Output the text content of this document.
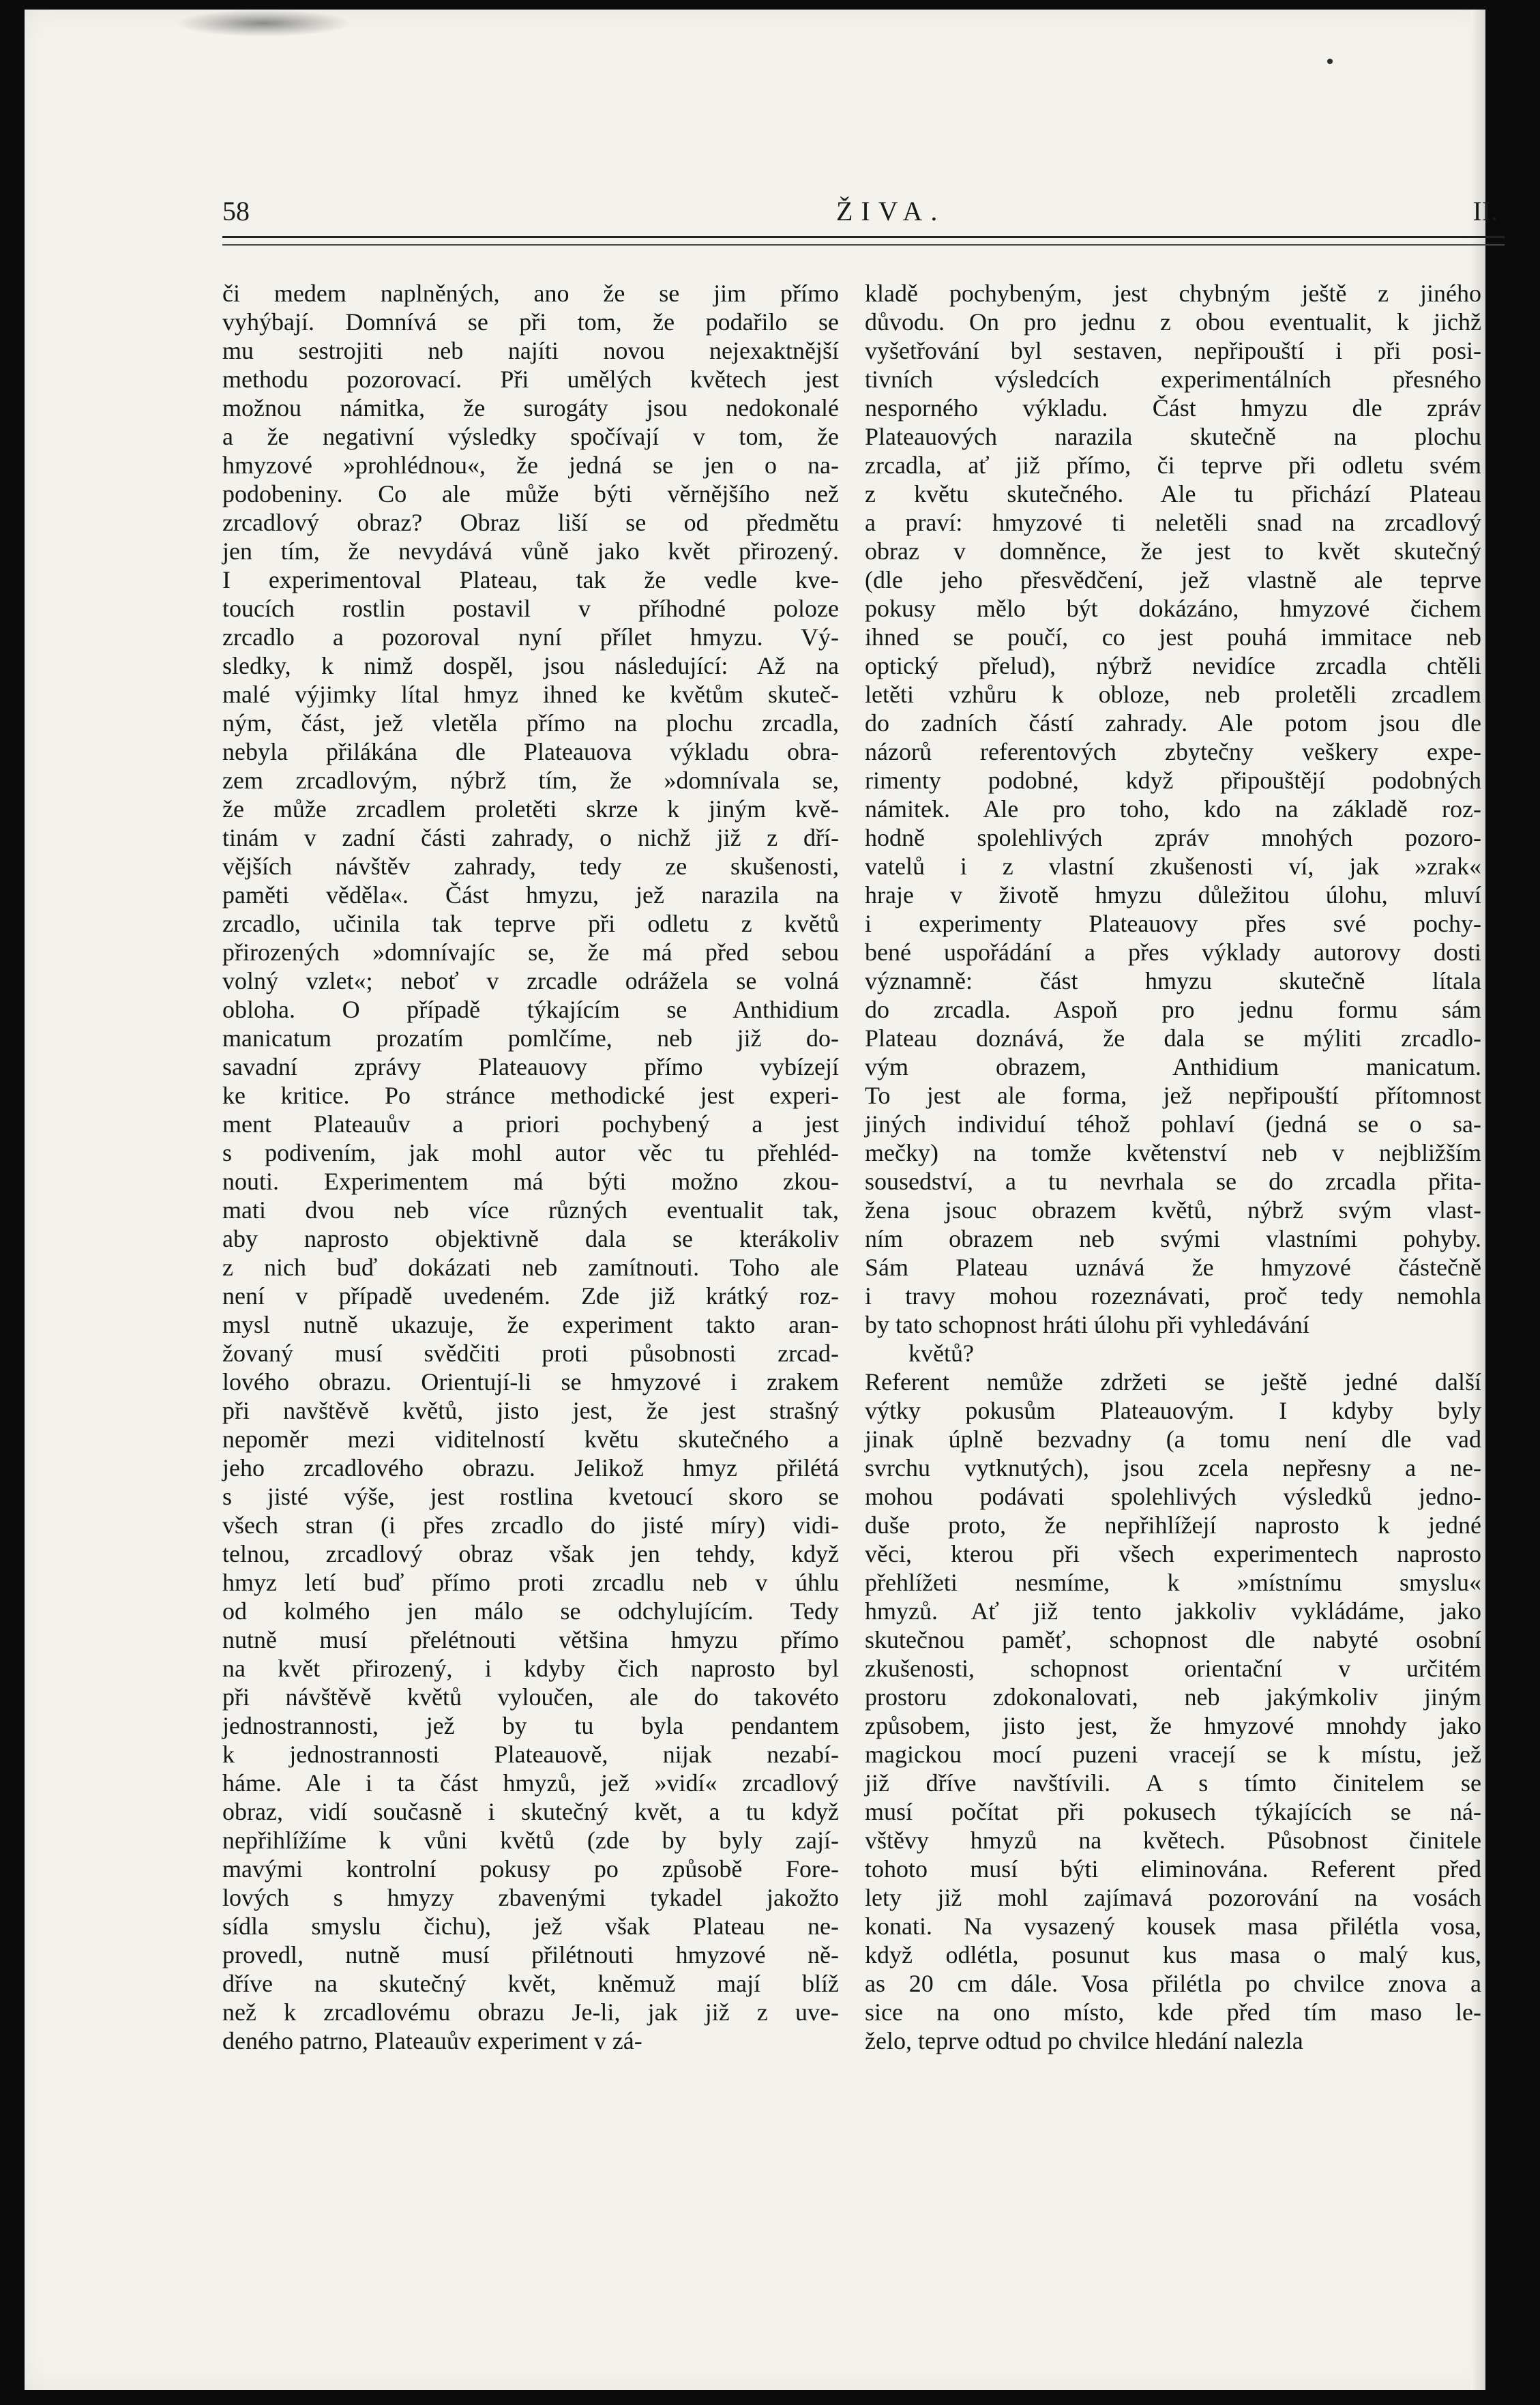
58	ŽIVA.	II.
či medem naplněných, ano že se jim přímo
vyhýbají. Domnívá se při tom, že podařilo se
mu sestrojiti neb najíti novou nejexaktnější
methodu pozorovací. Při umělých květech jest
možnou námitka, že surogáty jsou nedokonalé
a že negativní výsledky spočívají v tom, že
hmyzové »prohlédnou«, že jedná se jen o na-
podobeniny. Co ale může býti věrnějšího než
zrcadlový obraz? Obraz liší se od předmětu
jen tím, že nevydává vůně jako květ přirozený.
I experimentoval Plateau, tak že vedle kve-
toucích rostlin postavil v příhodné poloze
zrcadlo a pozoroval nyní přílet hmyzu. Vý-
sledky, k nimž dospěl, jsou následující: Až na
malé výjimky lítal hmyz ihned ke květům skuteč-
ným, část, jež vletěla přímo na plochu zrcadla,
nebyla přilákána dle Plateauova výkladu obra-
zem zrcadlovým, nýbrž tím, že »domnívala se,
že může zrcadlem proletěti skrze k jiným kvě-
tinám v zadní části zahrady, o nichž již z dří-
vějších návštěv zahrady, tedy ze skušenosti,
paměti věděla«. Část hmyzu, jež narazila na
zrcadlo, učinila tak teprve při odletu z květů
přirozených »domnívajíc se, že má před sebou
volný vzlet«; neboť v zrcadle odrážela se volná
obloha. O případě týkajícím se Anthidium
manicatum prozatím pomlčíme, neb již do-
savadní zprávy Plateauovy přímo vybízejí
ke kritice. Po stránce methodické jest experi-
ment Plateauův a priori pochybený a jest
s podivením, jak mohl autor věc tu přehléd-
nouti. Experimentem má býti možno zkou-
mati dvou neb více různých eventualit tak,
aby naprosto objektivně dala se kterákoliv
z nich buď dokázati neb zamítnouti. Toho ale
není v případě uvedeném. Zde již krátký roz-
mysl nutně ukazuje, že experiment takto aran-
žovaný musí svědčiti proti působnosti zrcad-
lového obrazu. Orientují-li se hmyzové i zrakem
při navštěvě květů, jisto jest, že jest strašný
nepoměr mezi viditelností květu skutečného a
jeho zrcadlového obrazu. Jelikož hmyz přilétá
s jisté výše, jest rostlina kvetoucí skoro se
všech stran (i přes zrcadlo do jisté míry) vidi-
telnou, zrcadlový obraz však jen tehdy, když
hmyz letí buď přímo proti zrcadlu neb v úhlu
od kolmého jen málo se odchylujícím. Tedy
nutně musí přelétnouti většina hmyzu přímo
na květ přirozený, i kdyby čich naprosto byl
při návštěvě květů vyloučen, ale do takovéto
jednostrannosti, jež by tu byla pendantem
k jednostrannosti Plateauově, nijak nezabí-
háme. Ale i ta část hmyzů, jež »vidí« zrcadlový
obraz, vidí současně i skutečný květ, a tu když
nepřihlížíme k vůni květů (zde by byly zají-
mavými kontrolní pokusy po způsobě Fore-
lových s hmyzy zbavenými tykadel jakožto
sídla smyslu čichu), jež však Plateau ne-
provedl, nutně musí přilétnouti hmyzové ně-
dříve na skutečný květ, kněmuž mají blíž
než k zrcadlovému obrazu Je-li, jak již z uve-
deného patrno, Plateauův experiment v zá-
kladě pochybeným, jest chybným ještě z jiného
důvodu. On pro jednu z obou eventualit, k jichž
vyšetřování byl sestaven, nepřipouští i při posi-
tivních výsledcích experimentálních přesného
nesporného výkladu. Část hmyzu dle zpráv
Plateauových narazila skutečně na plochu
zrcadla, ať již přímo, či teprve při odletu svém
z květu skutečného. Ale tu přichází Plateau
a praví: hmyzové ti neletěli snad na zrcadlový
obraz v domněnce, že jest to květ skutečný
(dle jeho přesvědčení, jež vlastně ale teprve
pokusy mělo být dokázáno, hmyzové čichem
ihned se poučí, co jest pouhá immitace neb
optický přelud), nýbrž nevidíce zrcadla chtěli
letěti vzhůru k obloze, neb proletěli zrcadlem
do zadních částí zahrady. Ale potom jsou dle
názorů referentových zbytečny veškery expe-
rimenty podobné, když připouštějí podobných
námitek. Ale pro toho, kdo na základě roz-
hodně spolehlivých zpráv mnohých pozoro-
vatelů i z vlastní zkušenosti ví, jak »zrak«
hraje v životě hmyzu důležitou úlohu, mluví
i experimenty Plateauovy přes své pochy-
bené uspořádání a přes výklady autorovy dosti
významně: část hmyzu skutečně lítala
do zrcadla. Aspoň pro jednu formu sám
Plateau doznává, že dala se mýliti zrcadlo-
vým obrazem, Anthidium manicatum.
To jest ale forma, jež nepřipouští přítomnost
jiných individuí téhož pohlaví (jedná se o sa-
mečky) na tomže květenství neb v nejbližším
sousedství, a tu nevrhala se do zrcadla přita-
žena jsouc obrazem květů, nýbrž svým vlast-
ním obrazem neb svými vlastními pohyby.
Sám Plateau uznává že hmyzové částečně
i travy mohou rozeznávati, proč tedy nemohla
by tato schopnost hráti úlohu při vyhledávání
květů?
Referent nemůže zdržeti se ještě jedné další
výtky pokusům Plateauovým. I kdyby byly
jinak úplně bezvadny (a tomu není dle vad
svrchu vytknutých), jsou zcela nepřesny a ne-
mohou podávati spolehlivých výsledků jedno-
duše proto, že nepřihlížejí naprosto k jedné
věci, kterou při všech experimentech naprosto
přehlížeti nesmíme, k »místnímu smyslu«
hmyzů. Ať již tento jakkoliv vykládáme, jako
skutečnou paměť, schopnost dle nabyté osobní
zkušenosti, schopnost orientační v určitém
prostoru zdokonalovati, neb jakýmkoliv jiným
způsobem, jisto jest, že hmyzové mnohdy jako
magickou mocí puzeni vracejí se k místu, jež
již dříve navštívili. A s tímto činitelem se
musí počítat při pokusech týkajících se ná-
vštěvy hmyzů na květech. Působnost činitele
tohoto musí býti eliminována. Referent před
lety již mohl zajímavá pozorování na vosách
konati. Na vysazený kousek masa přilétla vosa,
když odlétla, posunut kus masa o malý kus,
as 20 cm dále. Vosa přilétla po chvilce znova a
sice na ono místo, kde před tím maso le-
želo, teprve odtud po chvilce hledání nalezla
